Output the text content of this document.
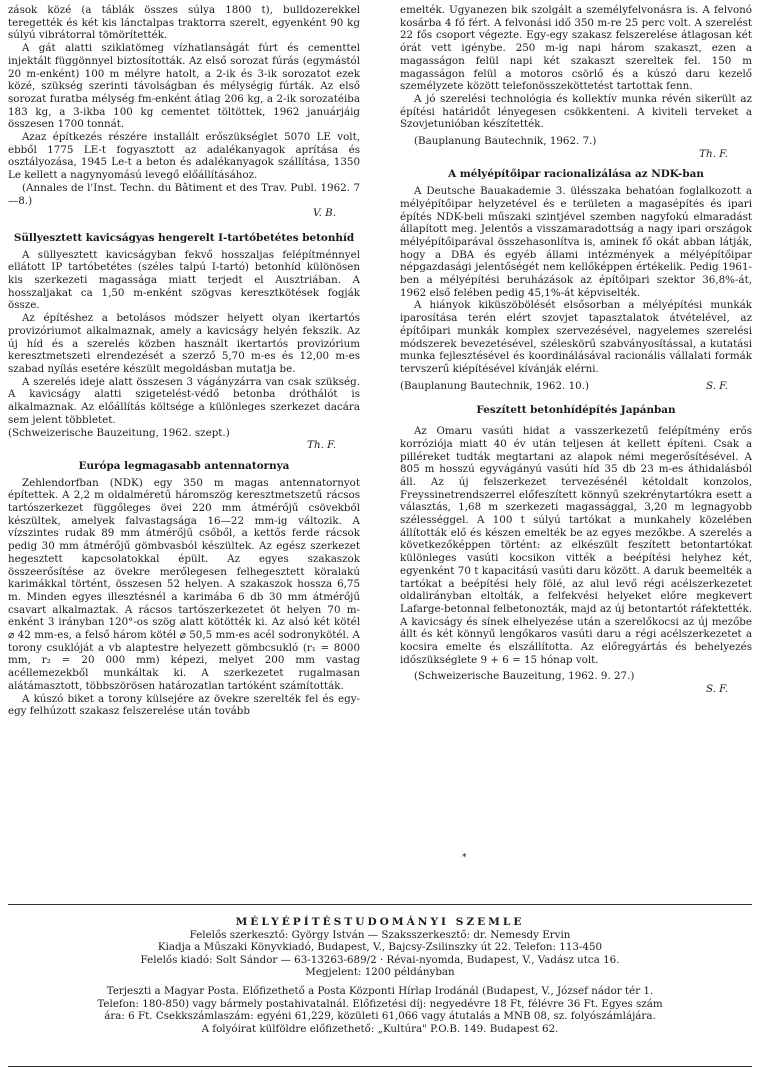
zások közé (a táblák összes súlya 1800 t), bulldozerekkel teregették és két kis lánctalpas traktorra szerelt, egyenként 90 kg súlyú vibrátorral tömörítették.

A gát alatti sziklatömeg vízhatlanságát fúrt és cementtel injektált függönnyel biztosították. Az első sorozat fúrás (egymástól 20 m-enként) 100 m mélyre hatolt, a 2-ik és 3-ik sorozatot ezek közé, szükség szerinti távolságban és mélységig fúrták. Az első sorozat furatba mélység fm-enként átlag 206 kg, a 2-ik sorozatéiba 183 kg, a 3-ikba 100 kg cementet töltöttek, 1962 januárjáig összesen 1700 tonnát.

Azaz építkezés részére installált erőszükséglet 5070 LE volt, ebből 1775 LE-t fogyasztott az adalékanyagok aprítása és osztályozása, 1945 Le-t a beton és adalékanyagok szállítása, 1350 Le kellett a nagynyomású levegő előállításához.

(Annales de l'Inst. Techn. du Bâtiment et des Trav. Publ. 1962. 7—8.)

V. B.
Süllyesztett kavicságyas hengerelt I-tartóbetétes betonhíd

A süllyesztett kavicságyban fekvő hosszaljas felépítménnyel ellátott IP tartóbetétes (széles talpú I-tartó) betonhíd különösen kis szerkezeti magassága miatt terjedt el Ausztriában. A hosszaljakat ca 1,50 m-enként szögvas keresztkötések fogják össze.

Az építéshez a betolásos módszer helyett olyan ikertartós provizóriumot alkalmaznak, amely a kavicságy helyén fekszik. Az új híd és a szerelés közben használt ikertartós provizórium keresztmetszeti elrendezését a szerző 5,70 m-es és 12,00 m-es szabad nyílás esetére készült megoldásban mutatja be.

A szerelés ideje alatt összesen 3 vágányzárra van csak szükség. A kavicságy alatti szigetelést-védő betonba dróthálót is alkalmaznak. Az előállítás költsége a különleges szerkezet dacára sem jelent többletet.

(Schweizerische Bauzeitung, 1962. szept.)

Th. F.
Európa legmagasabb antennatornya

Zehlendorfban (NDK) egy 350 m magas antennatornyot építettek. A 2,2 m oldalméretű háromszög keresztmetszetű rácsos tartószerkezet függőleges övei 220 mm átmérőjű csövekből készültek, amelyek falvastagsága 16—22 mm-ig változik. A vízszintes rudak 89 mm átmérőjű csőből, a kettős ferde rácsok pedig 30 mm átmérőjű gömbvasból készültek. Az egész szerkezet hegesztett kapcsolatokkal épült. Az egyes szakaszok összeerősítése az övekre merőlegesen felhegesztett köralakú karimákkal történt, összesen 52 helyen. A szakaszok hossza 6,75 m. Minden egyes illesztésnél a karimába 6 db 30 mm átmérőjű csavart alkalmaztak. A rácsos tartószerkezetet öt helyen 70 m-enként 3 irányban 120°-os szög alatt kötötték ki. Az alsó két kötél ⌀ 42 mm-es, a felső három kötél ⌀ 50,5 mm-es acél sodronykötél. A torony csuklóját a vb alaptestre helyezett gömbcsukló (r₁ = 8000 mm, r₂ = 20 000 mm) képezi, melyet 200 mm vastag acéllemezekből munkáltak ki. A szerkezetet rugalmasan alátámasztott, többszörösen határozatlan tartóként számították.

A kúszó biket a torony külsejére az övekre szerelték fel és egy-egy felhúzott szakasz felszerelése után tovább

emelték. Ugyanezen bik szolgált a személyfelvonásra is. A felvonó kosárba 4 fő fért. A felvonási idő 350 m-re 25 perc volt. A szerelést 22 fős csoport végezte. Egy-egy szakasz felszerelése átlagosan két órát vett igénybe. 250 m-ig napi három szakaszt, ezen a magasságon felül napi két szakaszt szereltek fel. 150 m magasságon felül a motoros csörlő és a kúszó daru kezelő személyzete között telefonösszeköttetést tartottak fenn.

A jó szerelési technológia és kollektív munka révén sikerült az építési határidőt lényegesen csökkenteni. A kiviteli terveket a Szovjetunióban készítették.

(Bauplanung Bautechnik, 1962. 7.)

Th. F.
A mélyépítőipar racionalizálása az NDK-ban

A Deutsche Bauakademie 3. ülésszaka behatóan foglalkozott a mélyépítőipar helyzetével és e területen a magasépítés és ipari építés NDK-beli műszaki szintjével szemben nagyfokú elmaradást állapított meg. Jelentős a visszamaradottság a nagy ipari országok mélyépítőiparával összehasonlítva is, aminek fő okát abban látják, hogy a DBA és egyéb állami intézmények a mélyépítőipar népgazdasági jelentőségét nem kellőképpen értékelik. Pedig 1961-ben a mélyépítési beruházások az építőipari szektor 36,8%-át, 1962 első felében pedig 45,1%-át képviselték.

A hiányok kiküszöbölését elsősorban a mélyépítési munkák iparosítása terén elért szovjet tapasztalatok átvételével, az építőipari munkák komplex szervezésével, nagyelemes szerelési módszerek bevezetésével, széleskörű szabványosítással, a kutatási munka fejlesztésével és koordinálásával racionális vállalati formák tervszerű kiépítésével kívánják elérni.

(Bauplanung Bautechnik, 1962. 10.)	S. F.
Feszített betonhídépítés Japánban

Az Omaru vasúti hidat a vasszerkezetű felépítmény erős korróziója miatt 40 év után teljesen át kellett építeni. Csak a pilléreket tudták megtartani az alapok némi megerősítésével. A 805 m hosszú egyvágányú vasúti híd 35 db 23 m-es áthidalásból áll. Az új felszerkezet tervezésénél kétoldalt konzolos, Freyssinetrendszerrel előfeszített könnyű szekrénytartókra esett a választás, 1,68 m szerkezeti magassággal, 3,20 m legnagyobb szélességgel. A 100 t súlyú tartókat a munkahely közelében állították elő és készen emelték be az egyes mezőkbe. A szerelés a következőképpen történt: az elkészült feszített betontartókat különleges vasúti kocsikon vitték a beépítési helyhez két, egyenként 70 t kapacitású vasúti daru között. A daruk beemelték a tartókat a beépítési hely fölé, az alul levő régi acélszerkezetet oldalirányban eltolták, a felfekvési helyeket előre megkevert Lafarge-betonnal felbetonozták, majd az új betontartót ráfektették. A kavicságy és sínek elhelyezése után a szerelőkocsi az új mezőbe állt és két könnyű lengőkaros vasúti daru a régi acélszerkezetet a kocsira emelte és elszállította. Az előregyártás és behelyezés időszükséglete 9 + 6 = 15 hónap volt.

(Schweizerische Bauzeitung, 1962. 9. 27.)

S. F.
*
MÉLYÉPÍTÉSTUDOMÁNYI SZEMLE
Felelős szerkesztő: György István — Szaksszerkesztő: dr. Nemesdy Ervin
Kiadja a Műszaki Könyvkiadó, Budapest, V., Bajcsy-Zsilinszky út 22. Telefon: 113-450
Felelős kiadó: Solt Sándor — 63-13263-689/2 · Révai-nyomda, Budapest, V., Vadász utca 16.
Megjelent: 1200 példányban
Terjeszti a Magyar Posta. Előfizethető a Posta Központi Hírlap Irodánál (Budapest, V., József nádor tér 1.
Telefon: 180-850) vagy bármely postahivatalnál. Előfizetési díj: negyedévre 18 Ft, félévre 36 Ft. Egyes szám
ára: 6 Ft. Csekkszámlaszám: egyéni 61,229, közületi 61,066 vagy átutalás a MNB 08, sz. folyószámlájára.
A folyóirat külföldre előfizethető: „Kultúra" P.O.B. 149. Budapest 62.
